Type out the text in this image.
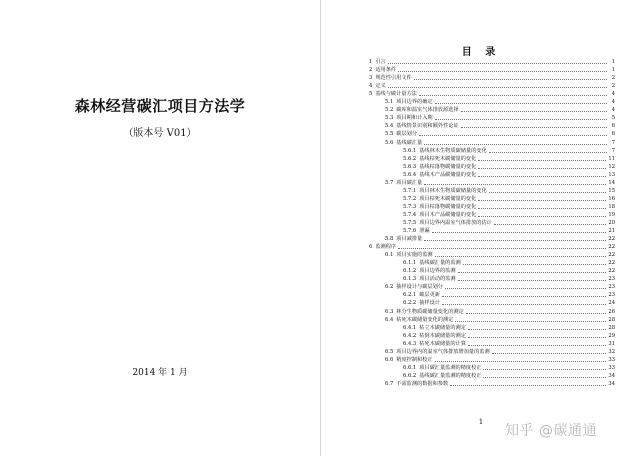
森林经营碳汇项目方法学
（版本号 V01）
2014 年 1 月
目 录
1 引言	1
2 适用条件	1
3 规范性引用文件	2
4 定义	2
5 基线与碳计量方法	4
5.1 项目边界的确定	4
5.2 碳库和温室气体排放源选择	4
5.3 项目期和计入期	5
5.4 基线情景识别和额外性论证	6
5.5 碳层划分	6
5.6 基线碳汇量	7
5.6.1 基线林木生物质碳储量的变化	7
5.6.2 基线枯死木碳储量的变化	11
5.6.3 基线枯落物碳储量的变化	12
5.6.4 基线木产品碳储量的变化	13
5.7 项目碳汇量	14
5.7.1 项目林木生物质碳储量的变化	15
5.7.2 项目枯死木碳储量的变化	16
5.7.3 项目枯落物碳储量的变化	18
5.7.4 项目木产品碳储量的变化	19
5.7.5 项目边界内温室气体排放的估计	20
5.7.6 泄漏	21
5.8 项目减排量	22
6 监测程序	22
6.1 项目实施的监测	22
6.1.1 基线碳汇量的监测	22
6.1.2 项目边界的监测	22
6.1.3 项目活动的监测	23
6.2 抽样设计与碳层划分	23
6.2.1 碳层更新	23
6.2.2 抽样设计	24
6.3 林分生物质碳储量变化的测定	26
6.4 枯死木碳储量变化的测定	28
6.4.1 枯立木碳储量的测定	28
6.4.2 枯倒木碳储量的测定	29
6.4.3 枯死木碳储量的计算	31
6.5 项目边界内的温室气体排放增加量的监测	32
6.6 精度控制和校正	33
6.6.1 项目碳汇量监测的精度校正	33
6.6.2 基线碳汇量监测的精度校正	34
6.7 不需监测的数据和参数	34
1
知乎 @碳通通
